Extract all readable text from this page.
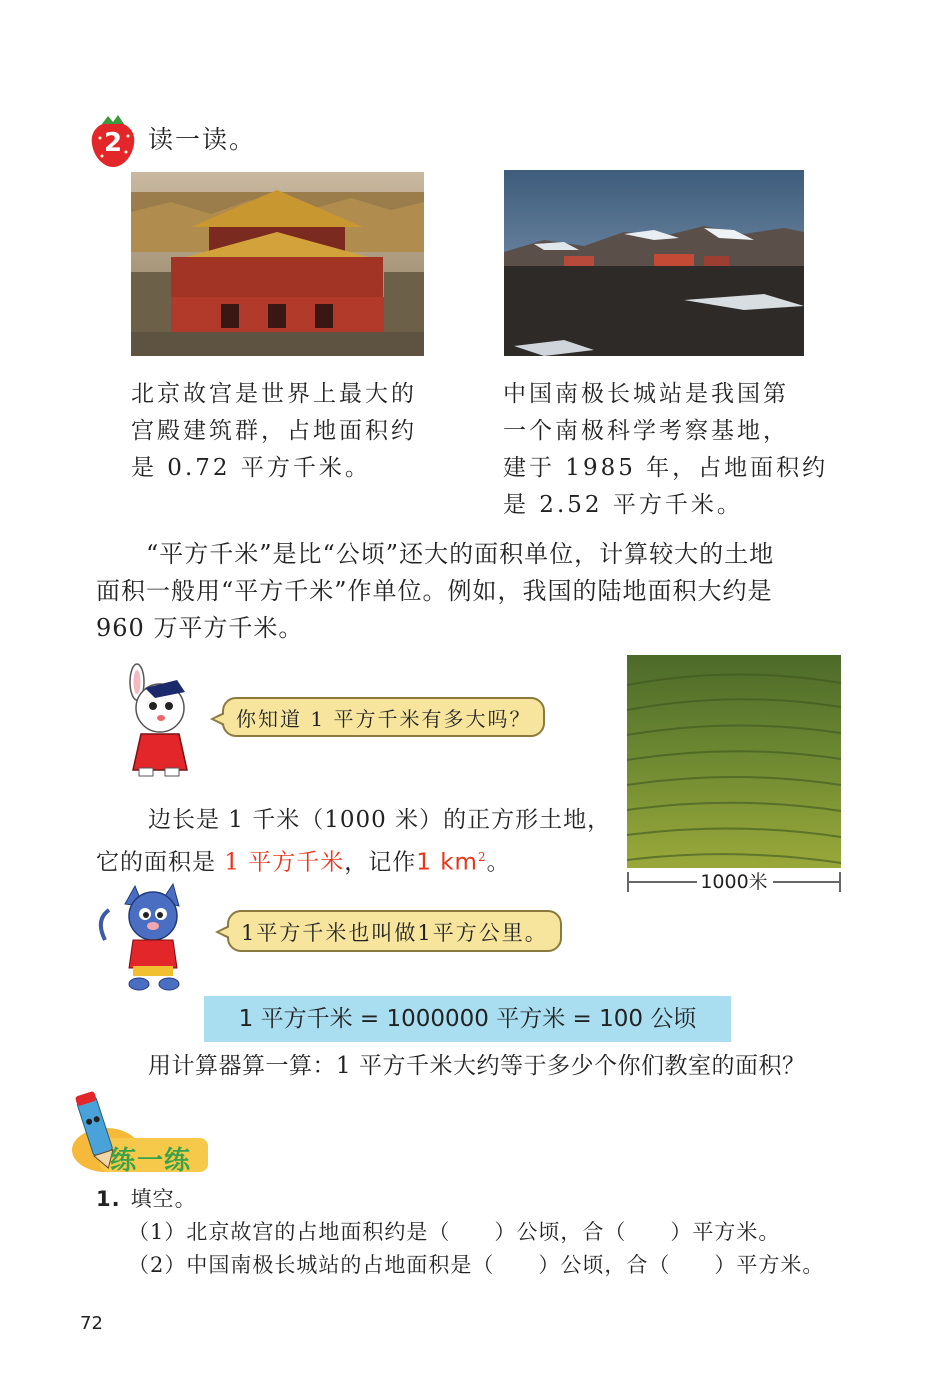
2	读一读。
北京故宫是世界上最大的
宫殿建筑群，占地面积约
是 0.72 平方千米。
中国南极长城站是我国第
一个南极科学考察基地，
建于 1985 年，占地面积约
是 2.52 平方千米。
“平方千米”是比“公顷”还大的面积单位，计算较大的土地
面积一般用“平方千米”作单位。例如，我国的陆地面积大约是
960 万平方千米。
你知道 1 平方千米有多大吗？
1000米
边长是 1 千米（1000 米）的正方形土地，
它的面积是 1 平方千米，记作1 $km^2$。
1平方千米也叫做1平方公里。
1 平方千米 = 1000000 平方米 = 100 公顷
用计算器算一算：1 平方千米大约等于多少个你们教室的面积？
练一练
1. 填空。
（1）北京故宫的占地面积约是（　　）公顷，合（　　）平方米。
（2）中国南极长城站的占地面积是（　　）公顷，合（　　）平方米。
72
